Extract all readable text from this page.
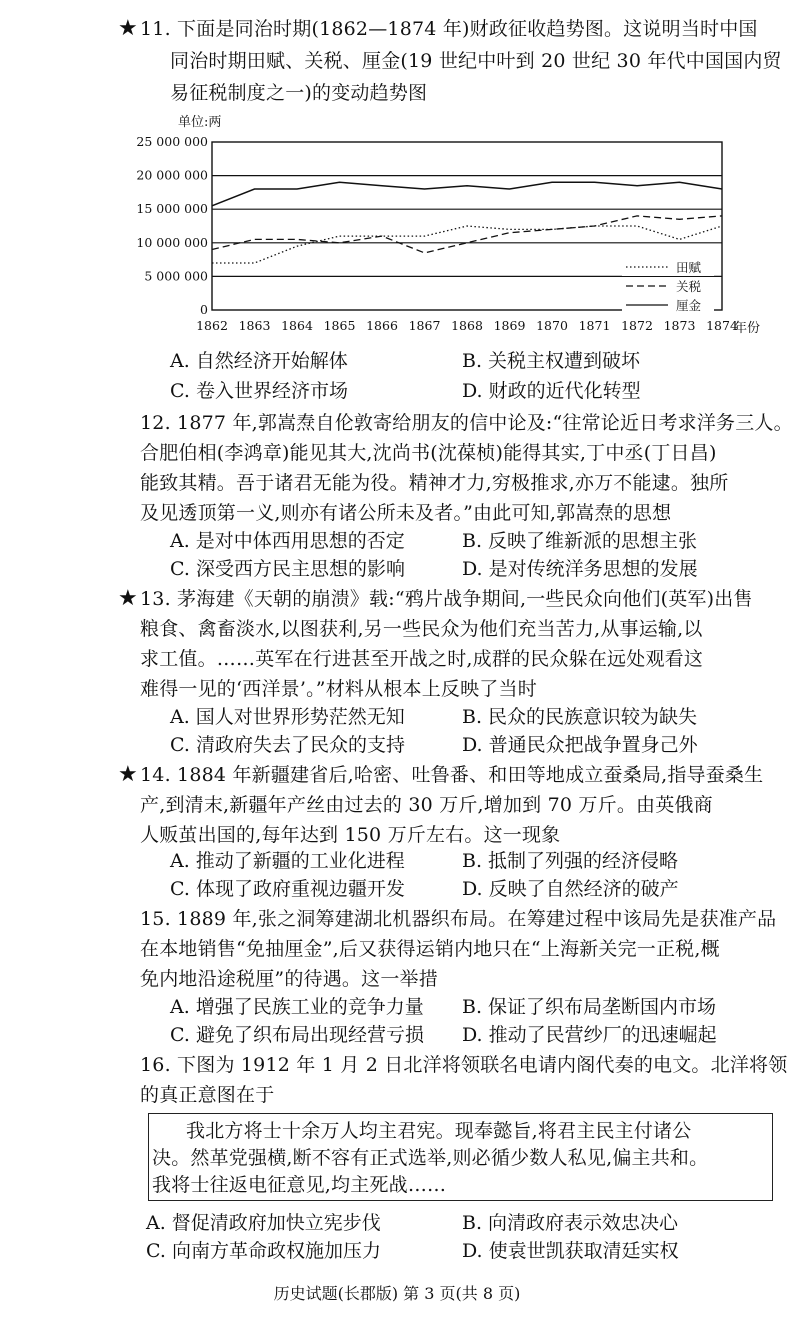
★ 11. 下面是同治时期(1862—1874 年)财政征收趋势图。这说明当时中国
同治时期田赋、关税、厘金(19 世纪中叶到 20 世纪 30 年代中国国内贸
易征税制度之一)的变动趋势图
单位:两
0
5 000 000
10 000 000
15 000 000
20 000 000
25 000 000
1862 1863 1864 1865 1866 1867 1868 1869 1870 1871 1872 1873 1874
年份
田赋
关税
厘金
A. 自然经济开始解体	B. 关税主权遭到破坏
C. 卷入世界经济市场	D. 财政的近代化转型
12. 1877 年,郭嵩焘自伦敦寄给朋友的信中论及:“往常论近日考求洋务三人。
合肥伯相(李鸿章)能见其大,沈尚书(沈葆桢)能得其实,丁中丞(丁日昌)
能致其精。吾于诸君无能为役。精神才力,穷极推求,亦万不能逮。独所
及见透顶第一义,则亦有诸公所未及者。”由此可知,郭嵩焘的思想
A. 是对中体西用思想的否定	B. 反映了维新派的思想主张
C. 深受西方民主思想的影响	D. 是对传统洋务思想的发展
★ 13. 茅海建《天朝的崩溃》载:“鸦片战争期间,一些民众向他们(英军)出售
粮食、禽畜淡水,以图获利,另一些民众为他们充当苦力,从事运输,以
求工值。……英军在行进甚至开战之时,成群的民众躲在远处观看这
难得一见的‘西洋景’。”材料从根本上反映了当时
A. 国人对世界形势茫然无知	B. 民众的民族意识较为缺失
C. 清政府失去了民众的支持	D. 普通民众把战争置身己外
★ 14. 1884 年新疆建省后,哈密、吐鲁番、和田等地成立蚕桑局,指导蚕桑生
产,到清末,新疆年产丝由过去的 30 万斤,增加到 70 万斤。由英俄商
人贩茧出国的,每年达到 150 万斤左右。这一现象
A. 推动了新疆的工业化进程	B. 抵制了列强的经济侵略
C. 体现了政府重视边疆开发	D. 反映了自然经济的破产
15. 1889 年,张之洞筹建湖北机器织布局。在筹建过程中该局先是获准产品
在本地销售“免抽厘金”,后又获得运销内地只在“上海新关完一正税,概
免内地沿途税厘”的待遇。这一举措
A. 增强了民族工业的竞争力量 B. 保证了织布局垄断国内市场
C. 避免了织布局出现经营亏损 D. 推动了民营纱厂的迅速崛起
16. 下图为 1912 年 1 月 2 日北洋将领联名电请内阁代奏的电文。北洋将领
的真正意图在于
我北方将士十余万人均主君宪。现奉懿旨,将君主民主付诸公
决。然革党强横,断不容有正式选举,则必循少数人私见,偏主共和。
我将士往返电征意见,均主死战……
A. 督促清政府加快立宪步伐	B. 向清政府表示效忠决心
C. 向南方革命政权施加压力	D. 使袁世凯获取清廷实权
历史试题(长郡版) 第 3 页(共 8 页)
